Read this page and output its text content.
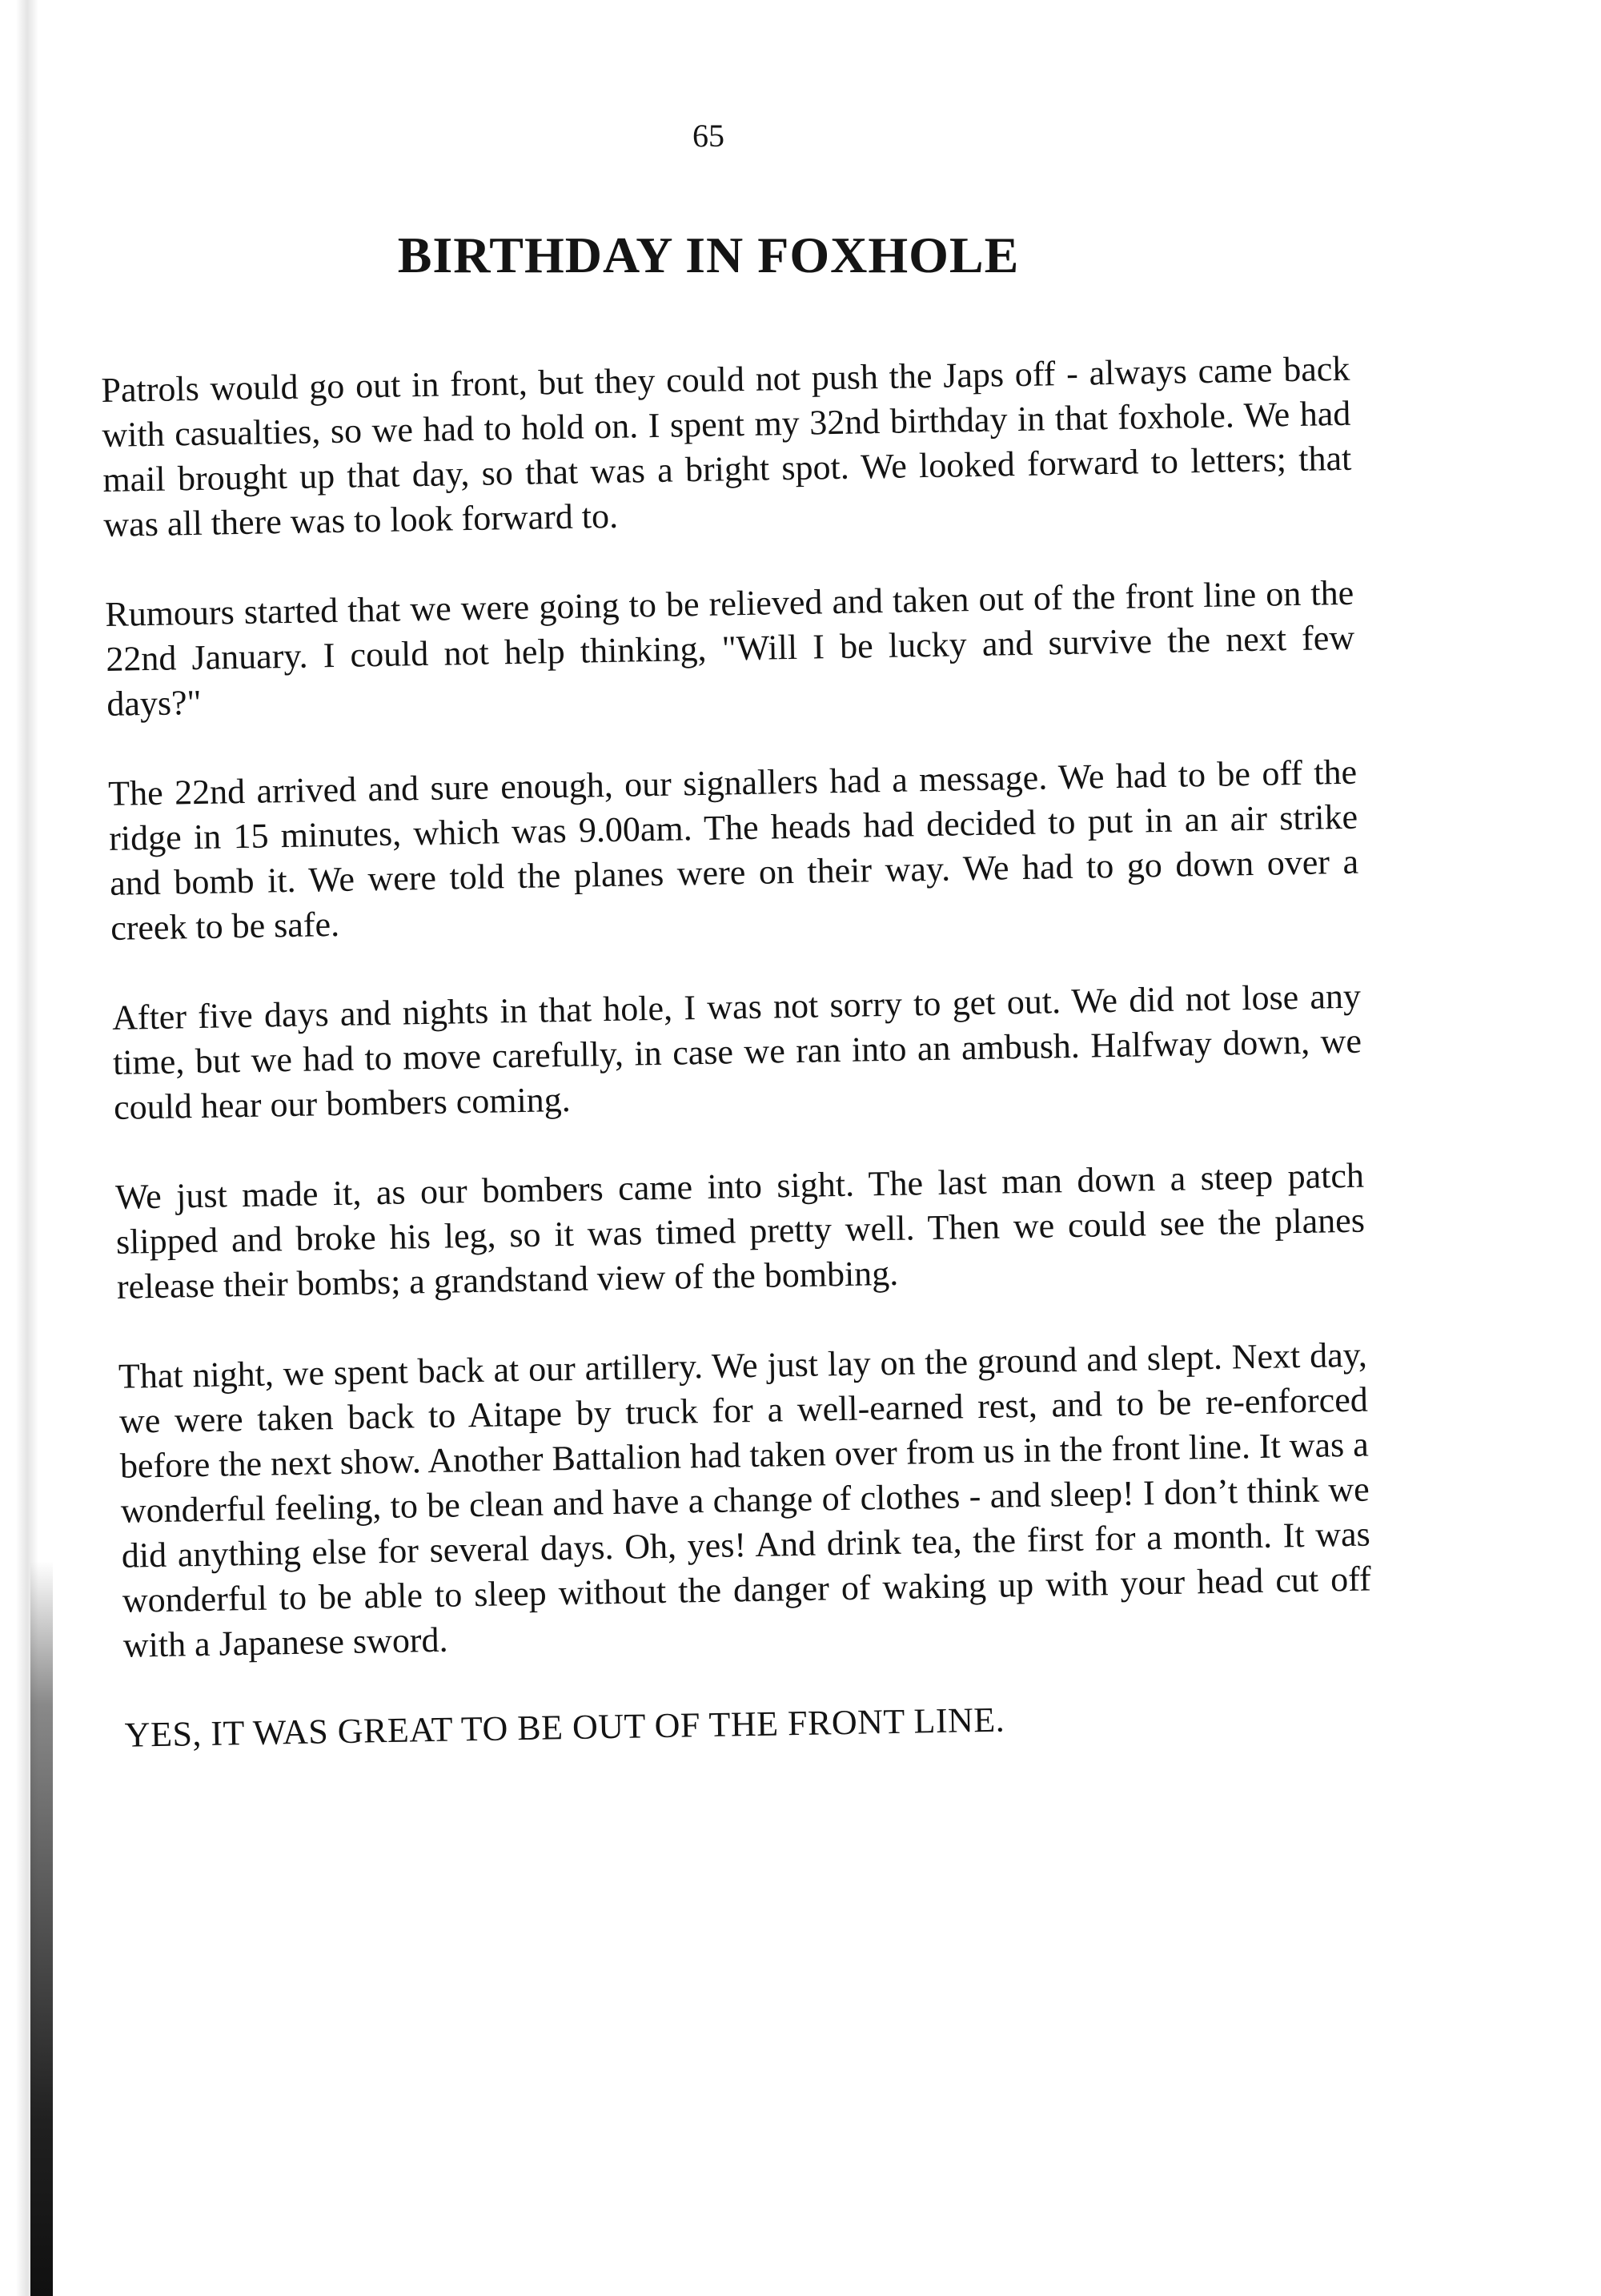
65
BIRTHDAY IN FOXHOLE

Patrols would go out in front, but they could not push the Japs off - always came back with casualties, so we had to hold on. I spent my 32nd birthday in that foxhole. We had mail brought up that day, so that was a bright spot. We looked forward to letters; that was all there was to look forward to.

Rumours started that we were going to be relieved and taken out of the front line on the 22nd January. I could not help thinking, "Will I be lucky and survive the next few days?"

The 22nd arrived and sure enough, our signallers had a message. We had to be off the ridge in 15 minutes, which was 9.00am. The heads had decided to put in an air strike and bomb it. We were told the planes were on their way. We had to go down over a creek to be safe.

After five days and nights in that hole, I was not sorry to get out. We did not lose any time, but we had to move carefully, in case we ran into an ambush. Halfway down, we could hear our bombers coming.

We just made it, as our bombers came into sight. The last man down a steep patch slipped and broke his leg, so it was timed pretty well. Then we could see the planes release their bombs; a grandstand view of the bombing.

That night, we spent back at our artillery. We just lay on the ground and slept. Next day, we were taken back to Aitape by truck for a well-earned rest, and to be re-enforced before the next show. Another Battalion had taken over from us in the front line. It was a wonderful feeling, to be clean and have a change of clothes - and sleep! I don’t think we did anything else for several days. Oh, yes! And drink tea, the first for a month. It was wonderful to be able to sleep without the danger of waking up with your head cut off with a Japanese sword.

YES, IT WAS GREAT TO BE OUT OF THE FRONT LINE.
